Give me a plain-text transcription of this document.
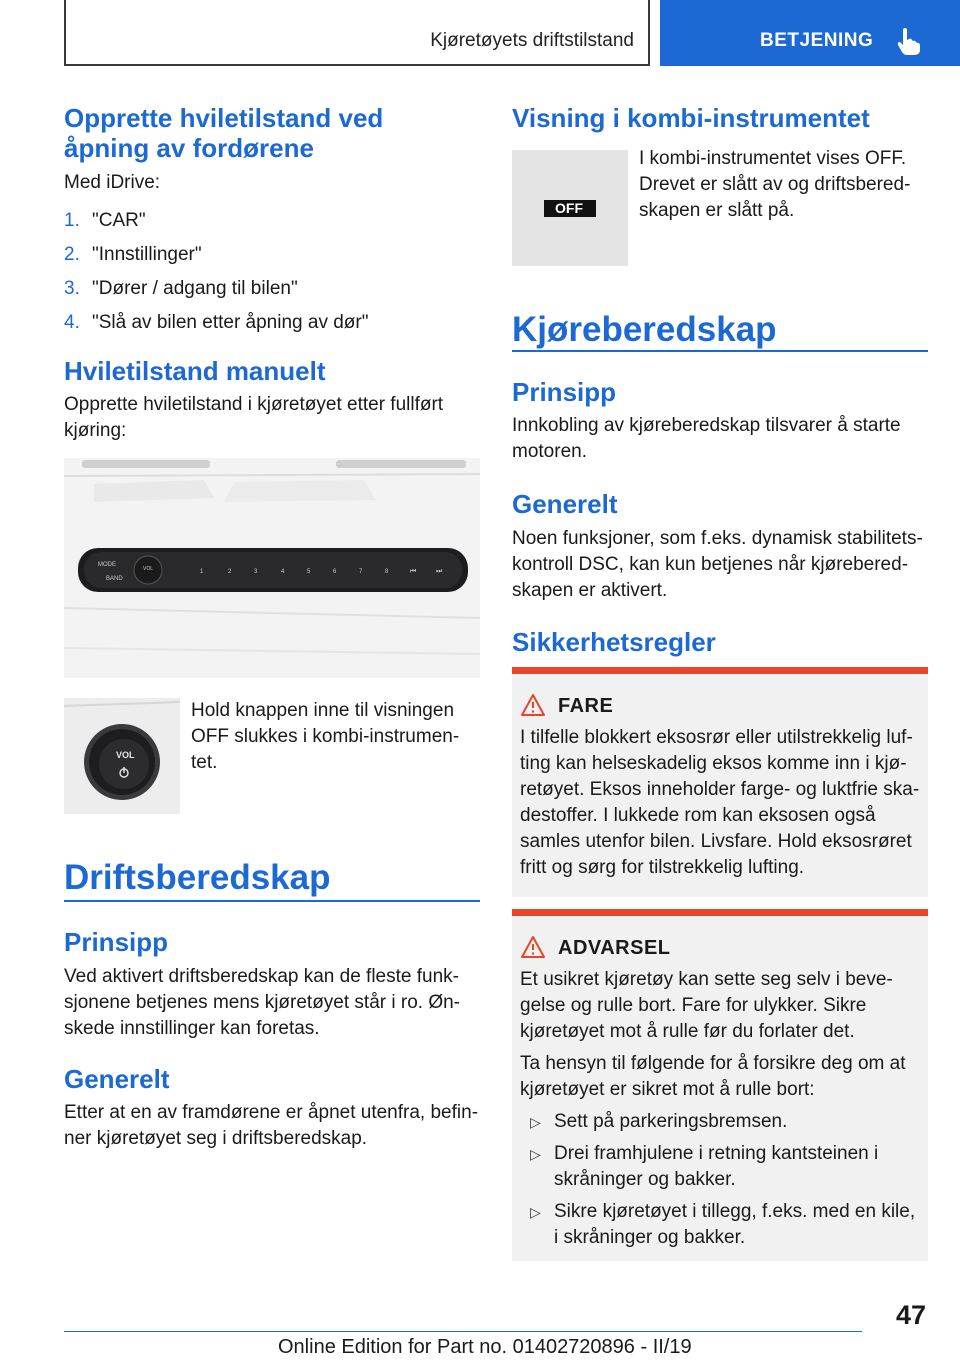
Kjøretøyets driftstilstand	BETJENING
Opprette hviletilstand ved åpning av fordørene
Med iDrive:
1. "CAR"
2. "Innstillinger"
3. "Dører / adgang til bilen"
4. "Slå av bilen etter åpning av dør"
Hviletilstand manuelt
Opprette hviletilstand i kjøretøyet etter fullført kjøring:
MODE
BAND
VOL	1	2	3	4	5	6	7	8	⏮	⏭
VOL
Hold knappen inne til visningen OFF slukkes i kombi-instrumentet.
Driftsberedskap
Prinsipp
Ved aktivert driftsberedskap kan de fleste funksjonene betjenes mens kjøretøyet står i ro. Ønskede innstillinger kan foretas.
Generelt
Etter at en av framdørene er åpnet utenfra, befinner kjøretøyet seg i driftsberedskap.
Visning i kombi-instrumentet
OFF
I kombi-instrumentet vises OFF. Drevet er slått av og driftsberedskapen er slått på.
Kjøreberedskap
Prinsipp
Innkobling av kjøreberedskap tilsvarer å starte motoren.
Generelt
Noen funksjoner, som f.eks. dynamisk stabilitetskontroll DSC, kan kun betjenes når kjøreberedskapen er aktivert.
Sikkerhetsregler
FARE
I tilfelle blokkert eksosrør eller utilstrekkelig lufting kan helseskadelig eksos komme inn i kjøretøyet. Eksos inneholder farge- og luktfrie skadestoffer. I lukkede rom kan eksosen også samles utenfor bilen. Livsfare. Hold eksosrøret fritt og sørg for tilstrekkelig lufting.
ADVARSEL
Et usikret kjøretøy kan sette seg selv i bevegelse og rulle bort. Fare for ulykker. Sikre kjøretøyet mot å rulle før du forlater det.
Ta hensyn til følgende for å forsikre deg om at kjøretøyet er sikret mot å rulle bort:
▷ Sett på parkeringsbremsen.
▷ Drei framhjulene i retning kantsteinen i skråninger og bakker.
▷ Sikre kjøretøyet i tillegg, f.eks. med en kile, i skråninger og bakker.
47
Online Edition for Part no. 01402720896 - II/19
